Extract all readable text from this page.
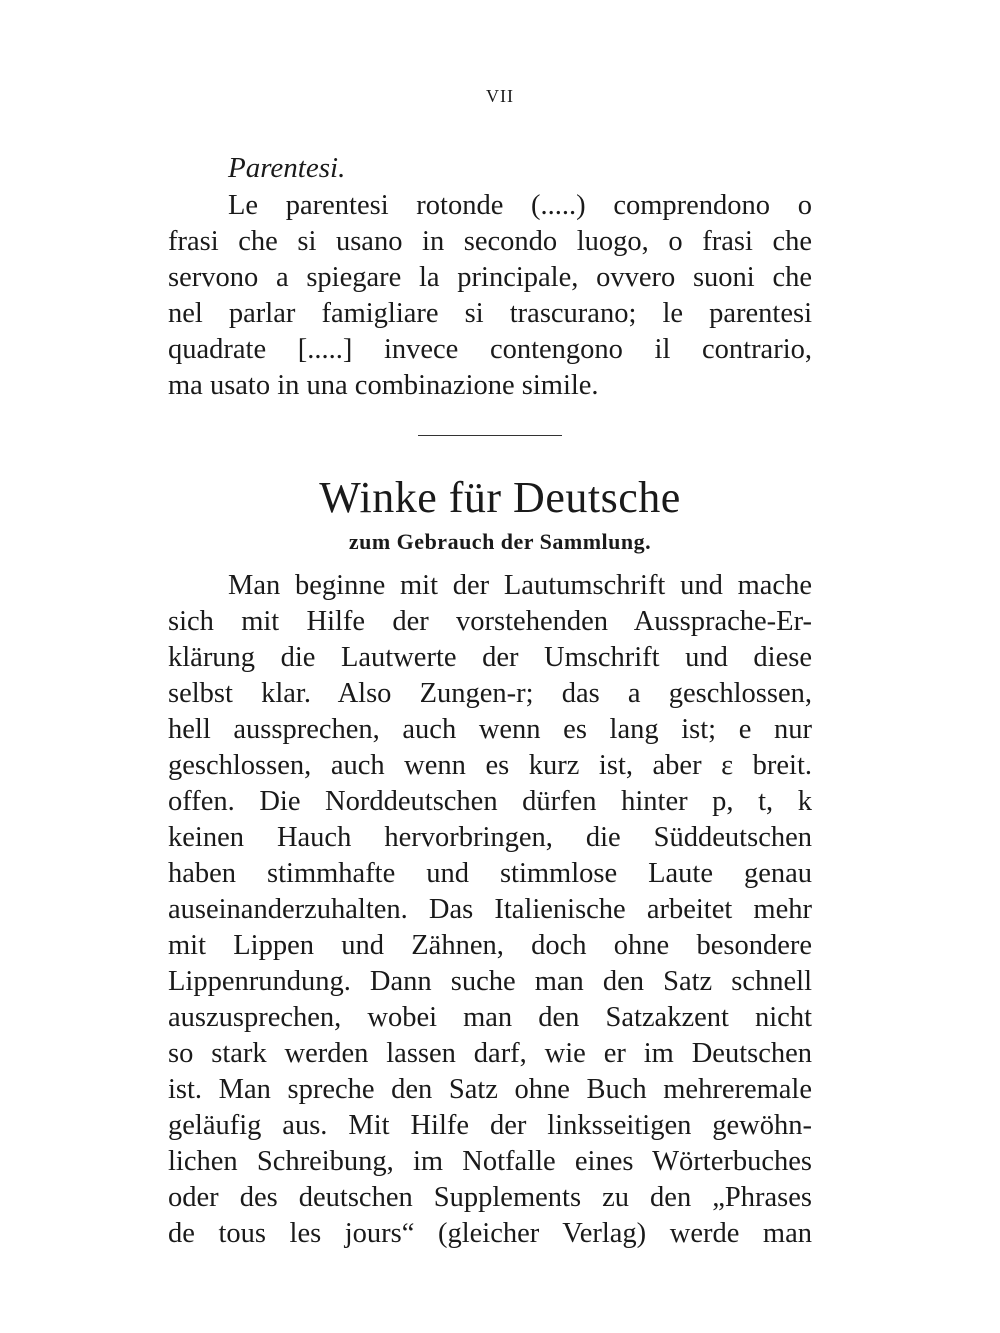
VII
Parentesi.
Le parentesi rotonde (.....) comprendono o
frasi che si usano in secondo luogo, o frasi che
servono a spiegare la principale, ovvero suoni che
nel parlar famigliare si trascurano; le parentesi
quadrate [.....] invece contengono il contrario,
ma usato in una combinazione simile.
Winke für Deutsche
zum Gebrauch der Sammlung.
Man beginne mit der Lautumschrift und mache
sich mit Hilfe der vorstehenden Aussprache-Er-
klärung die Lautwerte der Umschrift und diese
selbst klar. Also Zungen-r; das a geschlossen,
hell aussprechen, auch wenn es lang ist; e nur
geschlossen, auch wenn es kurz ist, aber ε breit.
offen. Die Norddeutschen dürfen hinter p, t, k
keinen Hauch hervorbringen, die Süddeutschen
haben stimmhafte und stimmlose Laute genau
auseinanderzuhalten. Das Italienische arbeitet mehr
mit Lippen und Zähnen, doch ohne besondere
Lippenrundung. Dann suche man den Satz schnell
auszusprechen, wobei man den Satzakzent nicht
so stark werden lassen darf, wie er im Deutschen
ist. Man spreche den Satz ohne Buch mehreremale
geläufig aus. Mit Hilfe der linksseitigen gewöhn-
lichen Schreibung, im Notfalle eines Wörterbuches
oder des deutschen Supplements zu den „Phrases
de tous les jours“ (gleicher Verlag) werde man
